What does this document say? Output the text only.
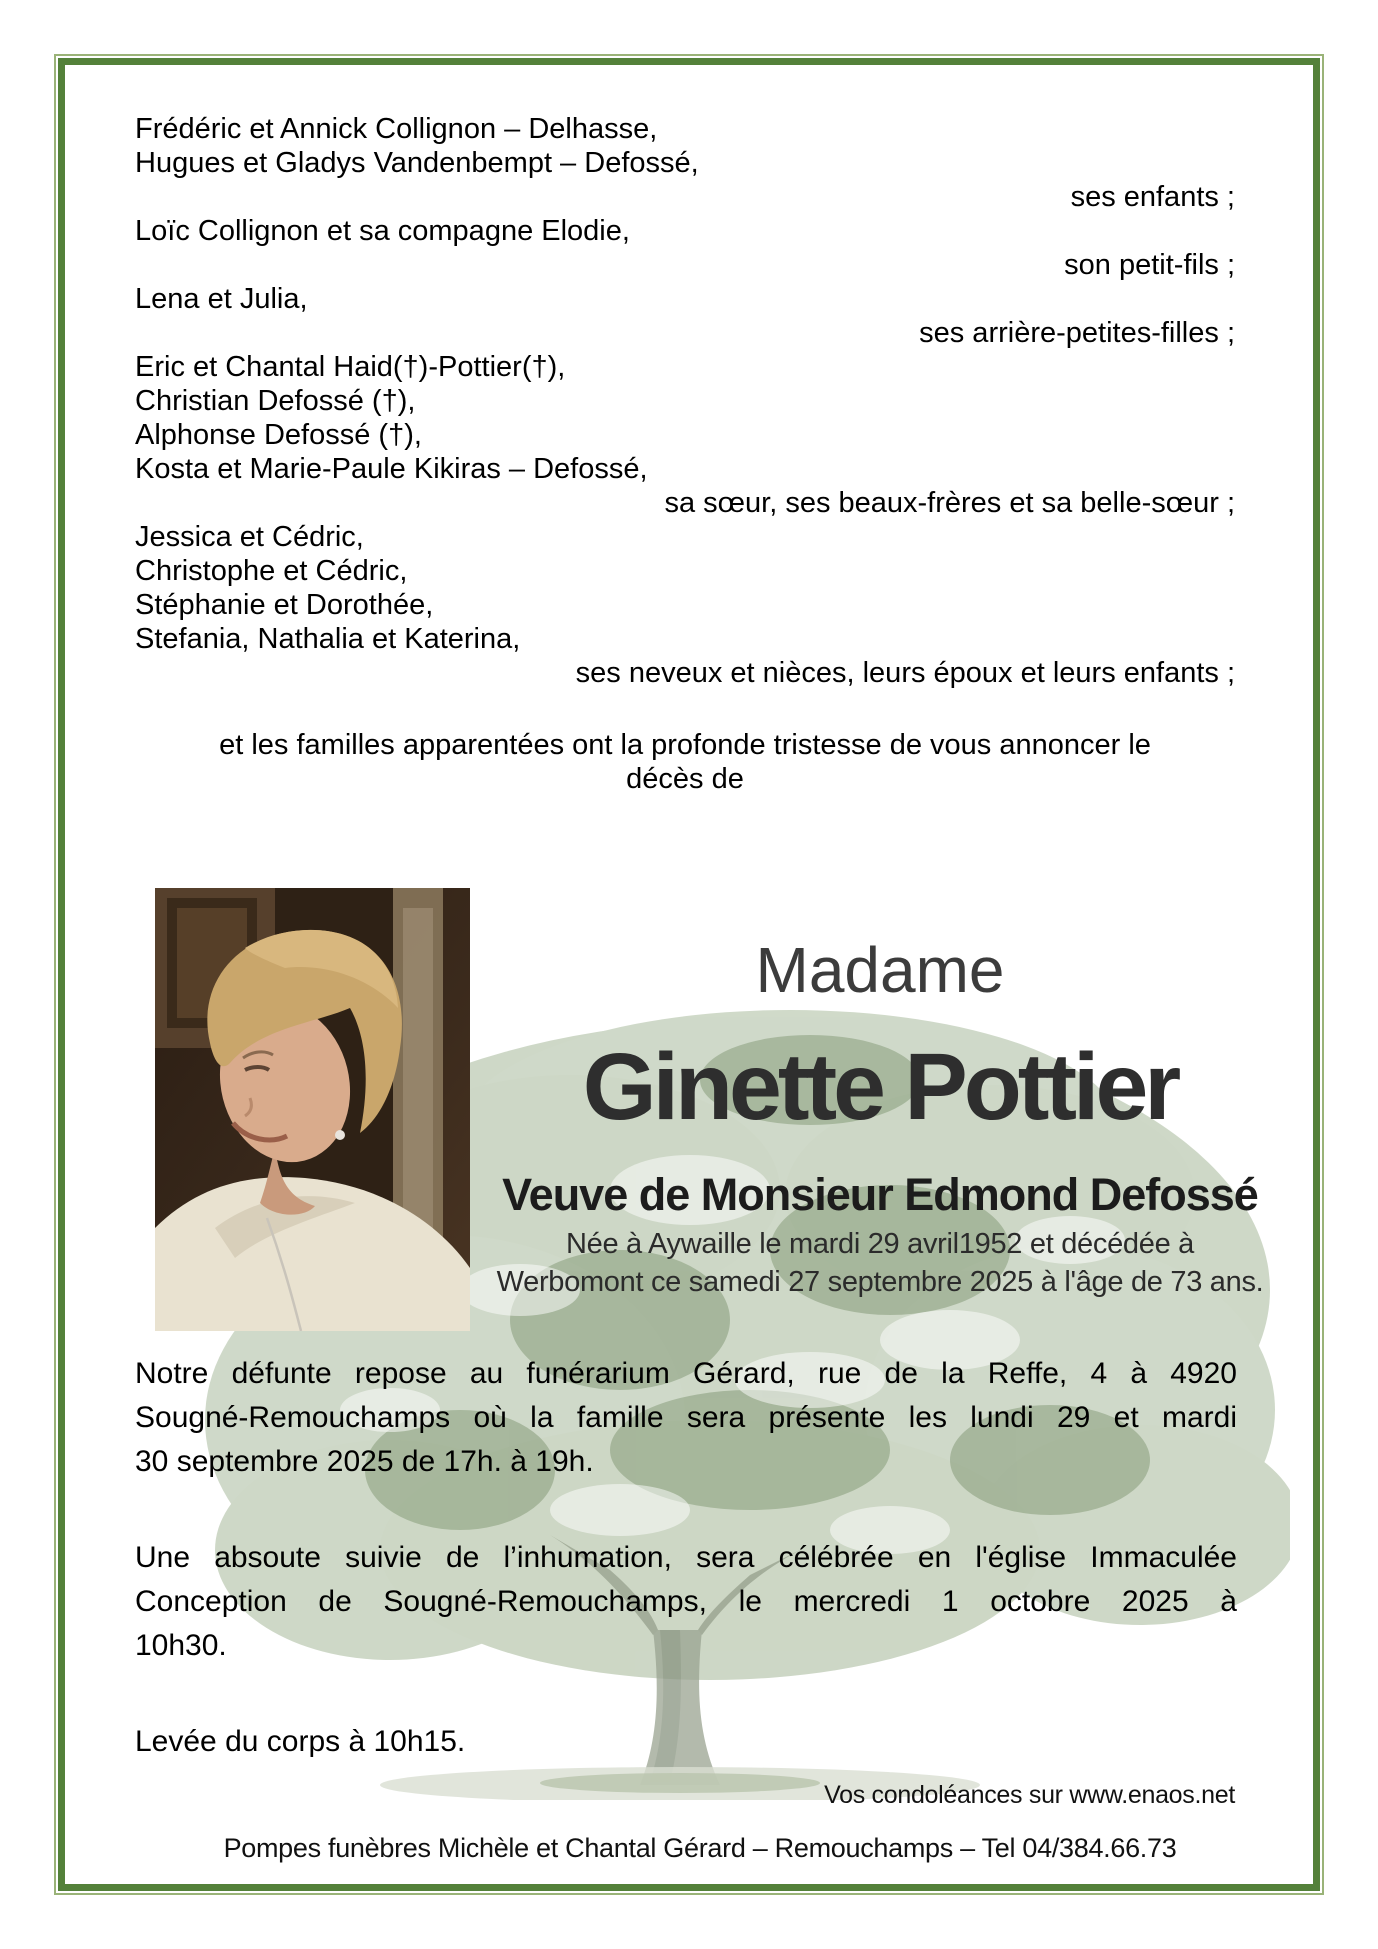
Frédéric et Annick Collignon – Delhasse,
Hugues et Gladys Vandenbempt – Defossé,
ses enfants ;
Loïc Collignon et sa compagne Elodie,
son petit-fils ;
Lena et Julia,
ses arrière-petites-filles ;
Eric et Chantal Haid(†)-Pottier(†),
Christian Defossé (†),
Alphonse Defossé (†),
Kosta et Marie-Paule Kikiras – Defossé,
sa sœur, ses beaux-frères et sa belle-sœur ;
Jessica et Cédric,
Christophe et Cédric,
Stéphanie et Dorothée,
Stefania, Nathalia et Katerina,
ses neveux et nièces, leurs époux et leurs enfants ;
et les familles apparentées ont la profonde tristesse de vous annoncer le
décès de
Madame
Ginette Pottier
Veuve de Monsieur Edmond Defossé
Née à Aywaille le mardi 29 avril1952 et décédée à
Werbomont ce samedi 27 septembre 2025 à l'âge de 73 ans.

Notre défunte repose au funérarium Gérard, rue de la Reffe, 4 à 4920
Sougné-Remouchamps où la famille sera présente les lundi 29 et mardi
30 septembre 2025 de 17h. à 19h.

Une absoute suivie de l’inhumation, sera célébrée en l'église Immaculée
Conception de Sougné-Remouchamps, le mercredi 1 octobre 2025 à
10h30.

Levée du corps à 10h15.

Vos condoléances sur www.enaos.net
Pompes funèbres Michèle et Chantal Gérard – Remouchamps – Tel 04/384.66.73
